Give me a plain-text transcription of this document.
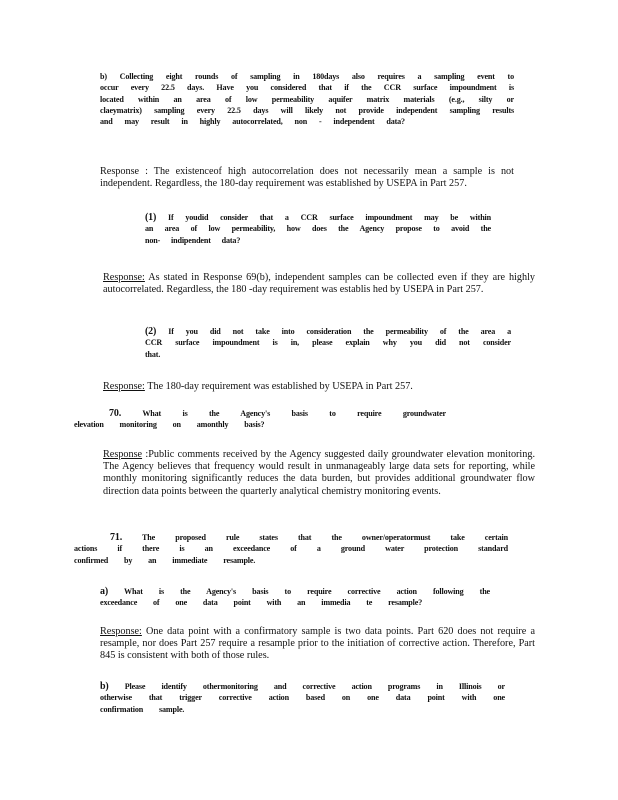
b) Collecting eight rounds of sampling in 180days also requires a sampling event to occur every 22.5 days. Have you considered that if the CCR surface impoundment is located within an area of low permeability aquifer matrix materials (e.g., silty or claeymatrix) sampling every 22.5 days will likely not provide independent sampling results and may result in highly autocorrelated, non - independent data?

Response : The existenceof high autocorrelation does not necessarily mean a sample is not independent. Regardless, the 180-day requirement was established by USEPA in Part 257.

(1) If youdid consider that a CCR surface impoundment may be within an area of low permeability, how does the Agency propose to avoid the non- indipendent data?

Response: As stated in Response 69(b), independent samples can be collected even if they are highly autocorrelated. Regardless, the 180 -day requirement was establis hed by USEPA in Part 257.

(2) If you did not take into consideration the permeability of the area a CCR surface impoundment is in, please explain why you did not consider that.

Response: The 180-day requirement was established by USEPA in Part 257.

70. What is the Agency's basis to require groundwater elevation monitoring on amonthly basis?

Response :Public comments received by the Agency suggested daily groundwater elevation monitoring. The Agency believes that frequency would result in unmanageably large data sets for reporting, while monthly monitoring significantly reduces the data burden, but provides additional groundwater flow direction data points between the quarterly analytical chemistry monitoring events.

71. The proposed rule states that the owner/operatormust take certain actions if there is an exceedance of a ground water protection standard confirmed by an immediate resample.

a) What is the Agency's basis to require corrective action following the exceedance of one data point with an immedia te resample?

Response: One data point with a confirmatory sample is two data points. Part 620 does not require a resample, nor does Part 257 require a resample prior to the initiation of corrective action. Therefore, Part 845 is consistent with both of those rules.

b) Please identify othermonitoring and corrective action programs in Illinois or otherwise that trigger corrective action based on one data point with one confirmation sample.
